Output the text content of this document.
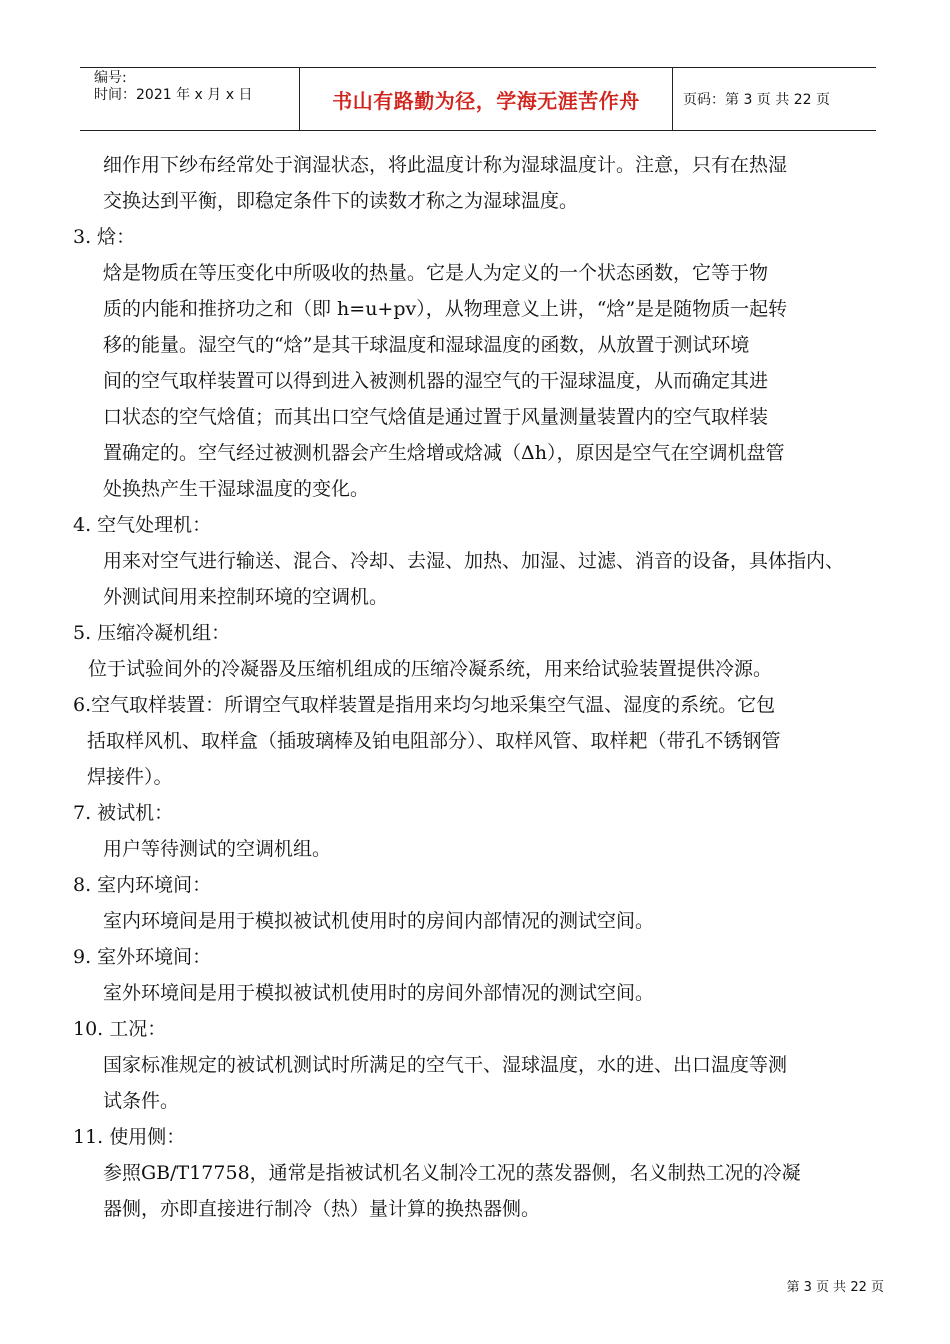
编号:
时间：2021 年 x 月 x 日	书山有路勤为径，学海无涯苦作舟	页码：第 3 页 共 22 页
细作用下纱布经常处于润湿状态，将此温度计称为湿球温度计。注意，只有在热湿
交换达到平衡，即稳定条件下的读数才称之为湿球温度。
3. 焓：
焓是物质在等压变化中所吸收的热量。它是人为定义的一个状态函数，它等于物
质的内能和推挤功之和（即 h=u+pv），从物理意义上讲，“焓”是是随物质一起转
移的能量。湿空气的“焓”是其干球温度和湿球温度的函数，从放置于测试环境
间的空气取样装置可以得到进入被测机器的湿空气的干湿球温度，从而确定其进
口状态的空气焓值；而其出口空气焓值是通过置于风量测量装置内的空气取样装
置确定的。空气经过被测机器会产生焓增或焓减（Δh），原因是空气在空调机盘管
处换热产生干湿球温度的变化。
4. 空气处理机：
用来对空气进行输送、混合、冷却、去湿、加热、加湿、过滤、消音的设备，具体指内、
外测试间用来控制环境的空调机。
5. 压缩冷凝机组：
位于试验间外的冷凝器及压缩机组成的压缩冷凝系统，用来给试验装置提供冷源。
6.空气取样装置：所谓空气取样装置是指用来均匀地采集空气温、湿度的系统。它包
括取样风机、取样盒（插玻璃棒及铂电阻部分）、取样风管、取样耙（带孔不锈钢管
焊接件）。
7. 被试机：
用户等待测试的空调机组。
8. 室内环境间：
室内环境间是用于模拟被试机使用时的房间内部情况的测试空间。
9. 室外环境间：
室外环境间是用于模拟被试机使用时的房间外部情况的测试空间。
10. 工况：
国家标准规定的被试机测试时所满足的空气干、湿球温度，水的进、出口温度等测
试条件。
11. 使用侧：
参照GB/T17758，通常是指被试机名义制冷工况的蒸发器侧，名义制热工况的冷凝
器侧，亦即直接进行制冷（热）量计算的换热器侧。
第 3 页 共 22 页
